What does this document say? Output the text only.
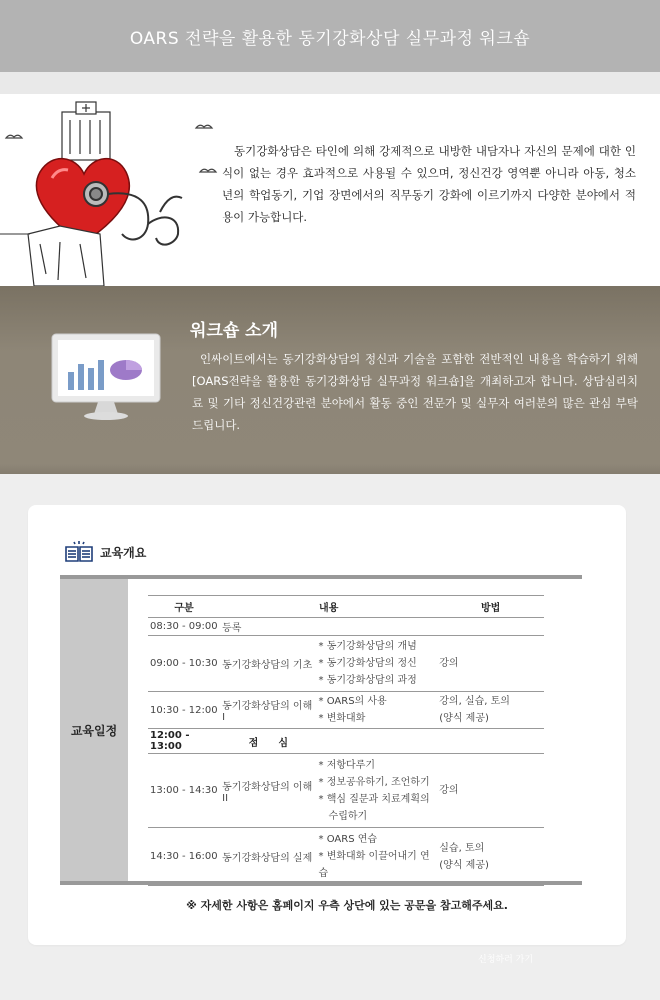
OARS 전략을 활용한 동기강화상담 실무과정 워크숍

동기강화상담은 타인에 의해 강제적으로 내방한 내담자나 자신의 문제에 대한 인식이 없는 경우 효과적으로 사용될 수 있으며, 정신건강 영역뿐 아니라 아동, 청소년의 학업동기, 기업 장면에서의 직무동기 강화에 이르기까지 다양한 분야에서 적용이 가능합니다.

워크숍 소개

인싸이트에서는 동기강화상담의 정신과 기술을 포함한 전반적인 내용을 학습하기 위해 [OARS전략을 활용한 동기강화상담 실무과정 워크숍]을 개최하고자 합니다. 상담심리치료 및 기타 정신건강관련 분야에서 활동 중인 전문가 및 실무자 여러분의 많은 관심 부탁드립니다.

교육개요
교육일정
구분	내용		방법
08:30 - 09:00	등록		
09:00 - 10:30	동기강화상담의 기초	* 동기강화상담의 개념
* 동기강화상담의 정신
* 동기강화상담의 과정	강의
10:30 - 12:00	동기강화상담의 이해 I	* OARS의 사용
* 변화대화	강의, 실습, 토의
(양식 제공)
12:00 - 13:00	점　　심		
13:00 - 14:30	동기강화상담의 이해 II	* 저항다루기
* 정보공유하기, 조언하기
* 핵심 질문과 치료계획의
　수립하기	강의
14:30 - 16:00	동기강화상담의 실제	* OARS 연습
* 변화대화 이끌어내기 연습	실습, 토의
(양식 제공)

※ 자세한 사항은 홈페이지 우측 상단에 있는 공문을 참고해주세요.

신청하러 가기
